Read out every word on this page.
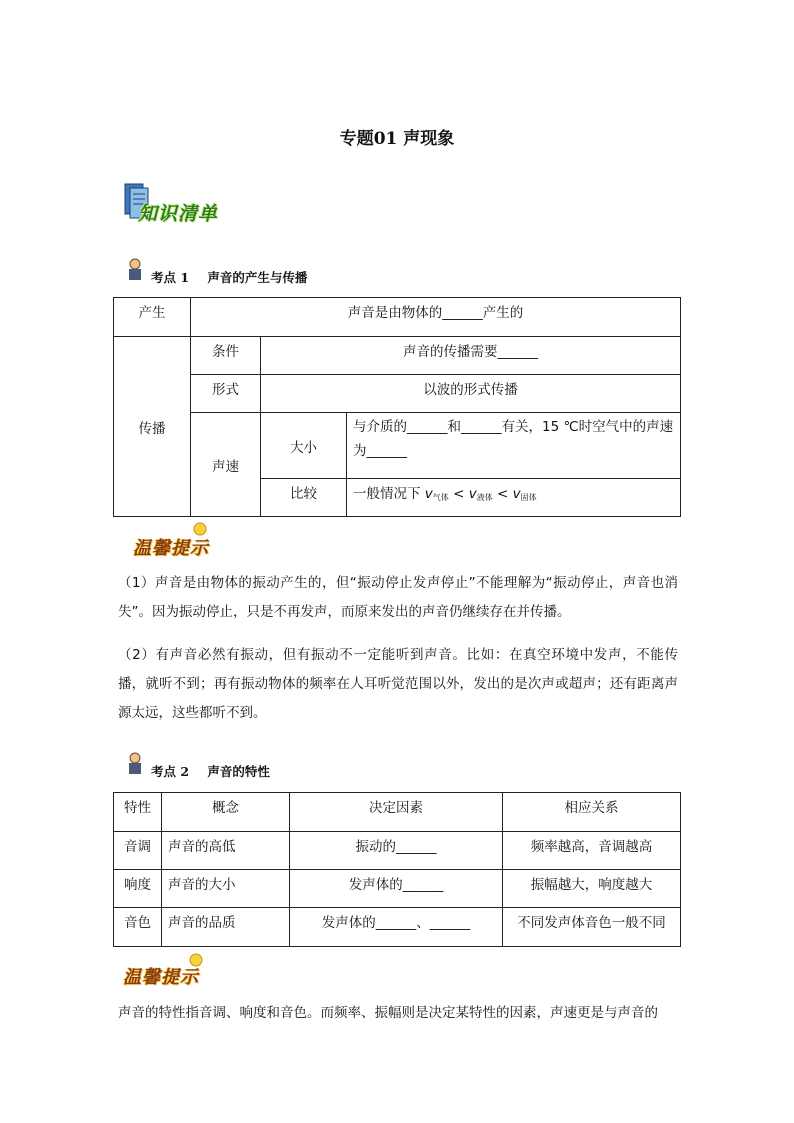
专题01 声现象
知识清单
考点 1 声音的产生与传播
产生	声音是由物体的______产生的		
传播	条件	声音的传播需要______	
	形式	以波的形式传播	
	声速	大小	与介质的______和______有关，15 ℃时空气中的声速为______
		比较	一般情况下 $v_{气体} < v_{液体} < v_{固体}$
温馨提示
（1）声音是由物体的振动产生的，但“振动停止发声停止”不能理解为“振动停止，声音也消失”。因为振动停止，只是不再发声，而原来发出的声音仍继续存在并传播。
（2）有声音必然有振动，但有振动不一定能听到声音。比如：在真空环境中发声，不能传播，就听不到；再有振动物体的频率在人耳听觉范围以外，发出的是次声或超声；还有距离声源太远，这些都听不到。
考点 2 声音的特性
特性	概念	决定因素	相应关系
音调	声音的高低	振动的______	频率越高，音调越高
响度	声音的大小	发声体的______	振幅越大，响度越大
音色	声音的品质	发声体的______、______	不同发声体音色一般不同
温馨提示
声音的特性指音调、响度和音色。而频率、振幅则是决定某特性的因素，声速更是与声音的
